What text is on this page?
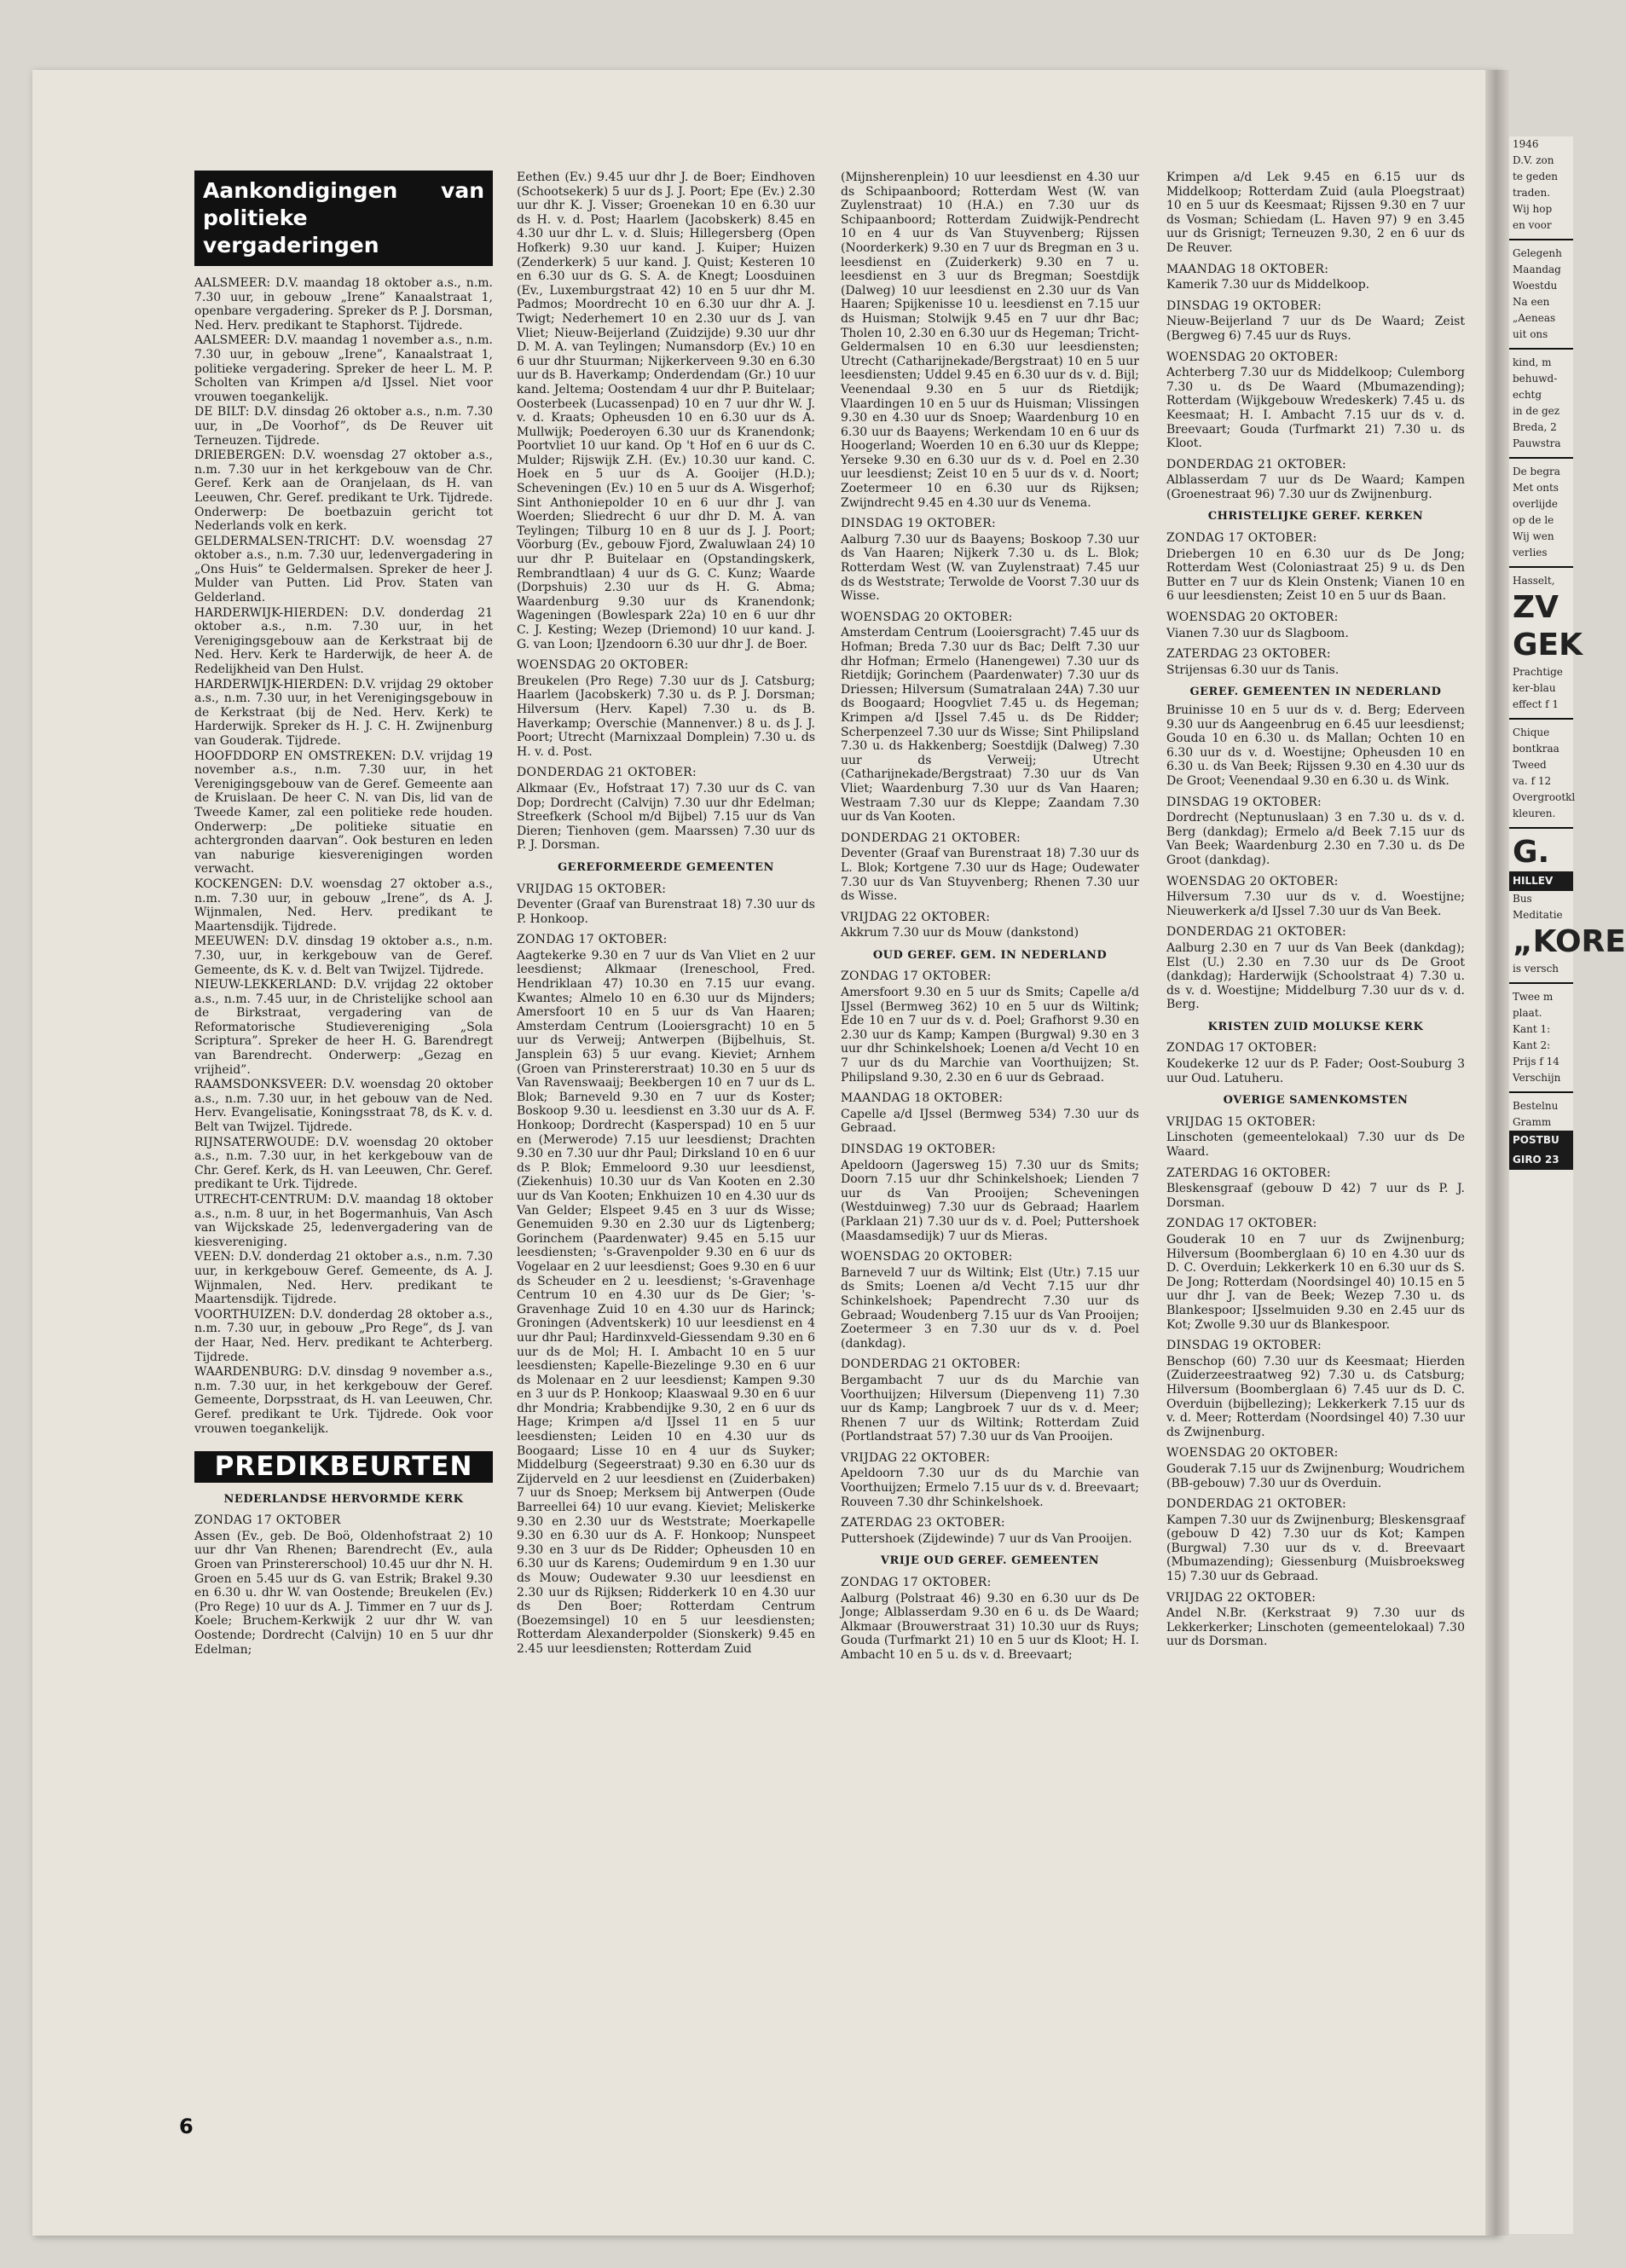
Aankondigingen van politieke vergaderingen

AALSMEER: D.V. maandag 18 oktober a.s., n.m. 7.30 uur, in gebouw „Irene” Kanaalstraat 1, openbare vergadering. Spreker ds P. J. Dorsman, Ned. Herv. predikant te Staphorst. Tijdrede.

AALSMEER: D.V. maandag 1 november a.s., n.m. 7.30 uur, in gebouw „Irene”, Kanaalstraat 1, politieke vergadering. Spreker de heer L. M. P. Scholten van Krimpen a/d IJssel. Niet voor vrouwen toegankelijk.

DE BILT: D.V. dinsdag 26 oktober a.s., n.m. 7.30 uur, in „De Voorhof”, ds De Reuver uit Terneuzen. Tijdrede.

DRIEBERGEN: D.V. woensdag 27 oktober a.s., n.m. 7.30 uur in het kerkgebouw van de Chr. Geref. Kerk aan de Oranjelaan, ds H. van Leeuwen, Chr. Geref. predikant te Urk. Tijdrede. Onderwerp: De boetbazuin gericht tot Nederlands volk en kerk.

GELDERMALSEN-TRICHT: D.V. woensdag 27 oktober a.s., n.m. 7.30 uur, ledenvergadering in „Ons Huis” te Geldermalsen. Spreker de heer J. Mulder van Putten. Lid Prov. Staten van Gelderland.

HARDERWIJK-HIERDEN: D.V. donderdag 21 oktober a.s., n.m. 7.30 uur, in het Verenigingsgebouw aan de Kerkstraat bij de Ned. Herv. Kerk te Harderwijk, de heer A. de Redelijkheid van Den Hulst.

HARDERWIJK-HIERDEN: D.V. vrijdag 29 oktober a.s., n.m. 7.30 uur, in het Verenigingsgebouw in de Kerkstraat (bij de Ned. Herv. Kerk) te Harderwijk. Spreker ds H. J. C. H. Zwijnenburg van Gouderak. Tijdrede.

HOOFDDORP EN OMSTREKEN: D.V. vrijdag 19 november a.s., n.m. 7.30 uur, in het Verenigingsgebouw van de Geref. Gemeente aan de Kruislaan. De heer C. N. van Dis, lid van de Tweede Kamer, zal een politieke rede houden. Onderwerp: „De politieke situatie en achtergronden daarvan”. Ook besturen en leden van naburige kiesverenigingen worden verwacht.

KOCKENGEN: D.V. woensdag 27 oktober a.s., n.m. 7.30 uur, in gebouw „Irene”, ds A. J. Wijnmalen, Ned. Herv. predikant te Maartensdijk. Tijdrede.

MEEUWEN: D.V. dinsdag 19 oktober a.s., n.m. 7.30, uur, in kerkgebouw van de Geref. Gemeente, ds K. v. d. Belt van Twijzel. Tijdrede.

NIEUW-LEKKERLAND: D.V. vrijdag 22 oktober a.s., n.m. 7.45 uur, in de Christelijke school aan de Birkstraat, vergadering van de Reformatorische Studievereniging „Sola Scriptura”. Spreker de heer H. G. Barendregt van Barendrecht. Onderwerp: „Gezag en vrijheid”.

RAAMSDONKSVEER: D.V. woensdag 20 oktober a.s., n.m. 7.30 uur, in het gebouw van de Ned. Herv. Evangelisatie, Koningsstraat 78, ds K. v. d. Belt van Twijzel. Tijdrede.

RIJNSATERWOUDE: D.V. woensdag 20 oktober a.s., n.m. 7.30 uur, in het kerkgebouw van de Chr. Geref. Kerk, ds H. van Leeuwen, Chr. Geref. predikant te Urk. Tijdrede.

UTRECHT-CENTRUM: D.V. maandag 18 oktober a.s., n.m. 8 uur, in het Bogermanhuis, Van Asch van Wijckskade 25, ledenvergadering van de kiesvereniging.

VEEN: D.V. donderdag 21 oktober a.s., n.m. 7.30 uur, in kerkgebouw Geref. Gemeente, ds A. J. Wijnmalen, Ned. Herv. predikant te Maartensdijk. Tijdrede.

VOORTHUIZEN: D.V. donderdag 28 oktober a.s., n.m. 7.30 uur, in gebouw „Pro Rege”, ds J. van der Haar, Ned. Herv. predikant te Achterberg. Tijdrede.

WAARDENBURG: D.V. dinsdag 9 november a.s., n.m. 7.30 uur, in het kerkgebouw der Geref. Gemeente, Dorpsstraat, ds H. van Leeuwen, Chr. Geref. predikant te Urk. Tijdrede. Ook voor vrouwen toegankelijk.

PREDIKBEURTEN
NEDERLANDSE HERVORMDE KERK
ZONDAG 17 OKTOBER

Assen (Ev., geb. De Boö, Oldenhofstraat 2) 10 uur dhr Van Rhenen; Barendrecht (Ev., aula Groen van Prinstererschool) 10.45 uur dhr N. H. Groen en 5.45 uur ds G. van Estrik; Brakel 9.30 en 6.30 u. dhr W. van Oostende; Breukelen (Ev.) (Pro Rege) 10 uur ds A. J. Timmer en 7 uur ds J. Koele; Bruchem-Kerkwijk 2 uur dhr W. van Oostende; Dordrecht (Calvijn) 10 en 5 uur dhr Edelman;

Eethen (Ev.) 9.45 uur dhr J. de Boer; Eindhoven (Schootsekerk) 5 uur ds J. J. Poort; Epe (Ev.) 2.30 uur dhr K. J. Visser; Groenekan 10 en 6.30 uur ds H. v. d. Post; Haarlem (Jacobskerk) 8.45 en 4.30 uur dhr L. v. d. Sluis; Hillegersberg (Open Hofkerk) 9.30 uur kand. J. Kuiper; Huizen (Zenderkerk) 5 uur kand. J. Quist; Kesteren 10 en 6.30 uur ds G. S. A. de Knegt; Loosduinen (Ev., Luxemburgstraat 42) 10 en 5 uur dhr M. Padmos; Moordrecht 10 en 6.30 uur dhr A. J. Twigt; Nederhemert 10 en 2.30 uur ds J. van Vliet; Nieuw-Beijerland (Zuidzijde) 9.30 uur dhr D. M. A. van Teylingen; Numansdorp (Ev.) 10 en 6 uur dhr Stuurman; Nijkerkerveen 9.30 en 6.30 uur ds B. Haverkamp; Onderdendam (Gr.) 10 uur kand. Jeltema; Oostendam 4 uur dhr P. Buitelaar; Oosterbeek (Lucassenpad) 10 en 7 uur dhr W. J. v. d. Kraats; Opheusden 10 en 6.30 uur ds A. Mullwijk; Poederoyen 6.30 uur ds Kranendonk; Poortvliet 10 uur kand. Op 't Hof en 6 uur ds C. Mulder; Rijswijk Z.H. (Ev.) 10.30 uur kand. C. Hoek en 5 uur ds A. Gooijer (H.D.); Scheveningen (Ev.) 10 en 5 uur ds A. Wisgerhof; Sint Anthoniepolder 10 en 6 uur dhr J. van Woerden; Sliedrecht 6 uur dhr D. M. A. van Teylingen; Tilburg 10 en 8 uur ds J. J. Poort; Vöorburg (Ev., gebouw Fjord, Zwaluwlaan 24) 10 uur dhr P. Buitelaar en (Opstandingskerk, Rembrandtlaan) 4 uur ds G. C. Kunz; Waarde (Dorpshuis) 2.30 uur ds H. G. Abma; Waardenburg 9.30 uur ds Kranendonk; Wageningen (Bowlespark 22a) 10 en 6 uur dhr C. J. Kesting; Wezep (Driemond) 10 uur kand. J. G. van Loon; IJzendoorn 6.30 uur dhr J. de Boer.

WOENSDAG 20 OKTOBER:

Breukelen (Pro Rege) 7.30 uur ds J. Catsburg; Haarlem (Jacobskerk) 7.30 u. ds P. J. Dorsman; Hilversum (Herv. Kapel) 7.30 u. ds B. Haverkamp; Overschie (Mannenver.) 8 u. ds J. J. Poort; Utrecht (Marnixzaal Domplein) 7.30 u. ds H. v. d. Post.

DONDERDAG 21 OKTOBER:

Alkmaar (Ev., Hofstraat 17) 7.30 uur ds C. van Dop; Dordrecht (Calvijn) 7.30 uur dhr Edelman; Streefkerk (School m/d Bijbel) 7.15 uur ds Van Dieren; Tienhoven (gem. Maarssen) 7.30 uur ds P. J. Dorsman.

GEREFORMEERDE GEMEENTEN
VRIJDAG 15 OKTOBER:

Deventer (Graaf van Burenstraat 18) 7.30 uur ds P. Honkoop.

ZONDAG 17 OKTOBER:

Aagtekerke 9.30 en 7 uur ds Van Vliet en 2 uur leesdienst; Alkmaar (Ireneschool, Fred. Hendriklaan 47) 10.30 en 7.15 uur evang. Kwantes; Almelo 10 en 6.30 uur ds Mijnders; Amersfoort 10 en 5 uur ds Van Haaren; Amsterdam Centrum (Looiersgracht) 10 en 5 uur ds Verweij; Antwerpen (Bijbelhuis, St. Jansplein 63) 5 uur evang. Kieviet; Arnhem (Groen van Prinstererstraat) 10.30 en 5 uur ds Van Ravenswaaij; Beekbergen 10 en 7 uur ds L. Blok; Barneveld 9.30 en 7 uur ds Koster; Boskoop 9.30 u. leesdienst en 3.30 uur ds A. F. Honkoop; Dordrecht (Kasperspad) 10 en 5 uur en (Merwerode) 7.15 uur leesdienst; Drachten 9.30 en 7.30 uur dhr Paul; Dirksland 10 en 6 uur ds P. Blok; Emmeloord 9.30 uur leesdienst, (Ziekenhuis) 10.30 uur ds Van Kooten en 2.30 uur ds Van Kooten; Enkhuizen 10 en 4.30 uur ds Van Gelder; Elspeet 9.45 en 3 uur ds Wisse; Genemuiden 9.30 en 2.30 uur ds Ligtenberg; Gorinchem (Paardenwater) 9.45 en 5.15 uur leesdiensten; 's-Gravenpolder 9.30 en 6 uur ds Vogelaar en 2 uur leesdienst; Goes 9.30 en 6 uur ds Scheuder en 2 u. leesdienst; 's-Gravenhage Centrum 10 en 4.30 uur ds De Gier; 's-Gravenhage Zuid 10 en 4.30 uur ds Harinck; Groningen (Adventskerk) 10 uur leesdienst en 4 uur dhr Paul; Hardinxveld-Giessendam 9.30 en 6 uur ds de Mol; H. I. Ambacht 10 en 5 uur leesdiensten; Kapelle-Biezelinge 9.30 en 6 uur ds Molenaar en 2 uur leesdienst; Kampen 9.30 en 3 uur ds P. Honkoop; Klaaswaal 9.30 en 6 uur dhr Mondria; Krabbendijke 9.30, 2 en 6 uur ds Hage; Krimpen a/d IJssel 11 en 5 uur leesdiensten; Leiden 10 en 4.30 uur ds Boogaard; Lisse 10 en 4 uur ds Suyker; Middelburg (Segeerstraat) 9.30 en 6.30 uur ds Zijderveld en 2 uur leesdienst en (Zuiderbaken) 7 uur ds Snoep; Merksem bij Antwerpen (Oude Barreellei 64) 10 uur evang. Kieviet; Meliskerke 9.30 en 2.30 uur ds Weststrate; Moerkapelle 9.30 en 6.30 uur ds A. F. Honkoop; Nunspeet 9.30 en 3 uur ds De Ridder; Opheusden 10 en 6.30 uur ds Karens; Oudemirdum 9 en 1.30 uur ds Mouw; Oudewater 9.30 uur leesdienst en 2.30 uur ds Rijksen; Ridderkerk 10 en 4.30 uur ds Den Boer; Rotterdam Centrum (Boezemsingel) 10 en 5 uur leesdiensten; Rotterdam Alexanderpolder (Sionskerk) 9.45 en 2.45 uur leesdiensten; Rotterdam Zuid

(Mijnsherenplein) 10 uur leesdienst en 4.30 uur ds Schipaanboord; Rotterdam West (W. van Zuylenstraat) 10 (H.A.) en 7.30 uur ds Schipaanboord; Rotterdam Zuidwijk-Pendrecht 10 en 4 uur ds Van Stuyvenberg; Rijssen (Noorderkerk) 9.30 en 7 uur ds Bregman en 3 u. leesdienst en (Zuiderkerk) 9.30 en 7 u. leesdienst en 3 uur ds Bregman; Soestdijk (Dalweg) 10 uur leesdienst en 2.30 uur ds Van Haaren; Spijkenisse 10 u. leesdienst en 7.15 uur ds Huisman; Stolwijk 9.45 en 7 uur dhr Bac; Tholen 10, 2.30 en 6.30 uur ds Hegeman; Tricht-Geldermalsen 10 en 6.30 uur leesdiensten; Utrecht (Catharijnekade/Bergstraat) 10 en 5 uur leesdiensten; Uddel 9.45 en 6.30 uur ds v. d. Bijl; Veenendaal 9.30 en 5 uur ds Rietdijk; Vlaardingen 10 en 5 uur ds Huisman; Vlissingen 9.30 en 4.30 uur ds Snoep; Waardenburg 10 en 6.30 uur ds Baayens; Werkendam 10 en 6 uur ds Hoogerland; Woerden 10 en 6.30 uur ds Kleppe; Yerseke 9.30 en 6.30 uur ds v. d. Poel en 2.30 uur leesdienst; Zeist 10 en 5 uur ds v. d. Noort; Zoetermeer 10 en 6.30 uur ds Rijksen; Zwijndrecht 9.45 en 4.30 uur ds Venema.

DINSDAG 19 OKTOBER:

Aalburg 7.30 uur ds Baayens; Boskoop 7.30 uur ds Van Haaren; Nijkerk 7.30 u. ds L. Blok; Rotterdam West (W. van Zuylenstraat) 7.45 uur ds ds Weststrate; Terwolde de Voorst 7.30 uur ds Wisse.

WOENSDAG 20 OKTOBER:

Amsterdam Centrum (Looiersgracht) 7.45 uur ds Hofman; Breda 7.30 uur ds Bac; Delft 7.30 uur dhr Hofman; Ermelo (Hanengeweı) 7.30 uur ds Rietdijk; Gorinchem (Paardenwater) 7.30 uur ds Driessen; Hilversum (Sumatralaan 24A) 7.30 uur ds Boogaard; Hoogvliet 7.45 u. ds Hegeman; Krimpen a/d IJssel 7.45 u. ds De Ridder; Scherpenzeel 7.30 uur ds Wisse; Sint Philipsland 7.30 u. ds Hakkenberg; Soestdijk (Dalweg) 7.30 uur ds Verweij; Utrecht (Catharijnekade/Bergstraat) 7.30 uur ds Van Vliet; Waardenburg 7.30 uur ds Van Haaren; Westraam 7.30 uur ds Kleppe; Zaandam 7.30 uur ds Van Kooten.

DONDERDAG 21 OKTOBER:

Deventer (Graaf van Burenstraat 18) 7.30 uur ds L. Blok; Kortgene 7.30 uur ds Hage; Oudewater 7.30 uur ds Van Stuyvenberg; Rhenen 7.30 uur ds Wisse.

VRIJDAG 22 OKTOBER:

Akkrum 7.30 uur ds Mouw (dankstond)

OUD GEREF. GEM. IN NEDERLAND
ZONDAG 17 OKTOBER:

Amersfoort 9.30 en 5 uur ds Smits; Capelle a/d IJssel (Bermweg 362) 10 en 5 uur ds Wiltink; Ede 10 en 7 uur ds v. d. Poel; Grafhorst 9.30 en 2.30 uur ds Kamp; Kampen (Burgwal) 9.30 en 3 uur dhr Schinkelshoek; Loenen a/d Vecht 10 en 7 uur ds du Marchie van Voorthuijzen; St. Philipsland 9.30, 2.30 en 6 uur ds Gebraad.

MAANDAG 18 OKTOBER:

Capelle a/d IJssel (Bermweg 534) 7.30 uur ds Gebraad.

DINSDAG 19 OKTOBER:

Apeldoorn (Jagersweg 15) 7.30 uur ds Smits; Doorn 7.15 uur dhr Schinkelshoek; Lienden 7 uur ds Van Prooijen; Scheveningen (Westduinweg) 7.30 uur ds Gebraad; Haarlem (Parklaan 21) 7.30 uur ds v. d. Poel; Puttershoek (Maasdamsedijk) 7 uur ds Mieras.

WOENSDAG 20 OKTOBER:

Barneveld 7 uur ds Wiltink; Elst (Utr.) 7.15 uur ds Smits; Loenen a/d Vecht 7.15 uur dhr Schinkelshoek; Papendrecht 7.30 uur ds Gebraad; Woudenberg 7.15 uur ds Van Prooijen; Zoetermeer 3 en 7.30 uur ds v. d. Poel (dankdag).

DONDERDAG 21 OKTOBER:

Bergambacht 7 uur ds du Marchie van Voorthuijzen; Hilversum (Diepenveng 11) 7.30 uur ds Kamp; Langbroek 7 uur ds v. d. Meer; Rhenen 7 uur ds Wiltink; Rotterdam Zuid (Portlandstraat 57) 7.30 uur ds Van Prooijen.

VRIJDAG 22 OKTOBER:

Apeldoorn 7.30 uur ds du Marchie van Voorthuijzen; Ermelo 7.15 uur ds v. d. Breevaart; Rouveen 7.30 dhr Schinkelshoek.

ZATERDAG 23 OKTOBER:

Puttershoek (Zijdewinde) 7 uur ds Van Prooijen.

VRIJE OUD GEREF. GEMEENTEN
ZONDAG 17 OKTOBER:

Aalburg (Polstraat 46) 9.30 en 6.30 uur ds De Jonge; Alblasserdam 9.30 en 6 u. ds De Waard; Alkmaar (Brouwerstraat 31) 10.30 uur ds Ruys; Gouda (Turfmarkt 21) 10 en 5 uur ds Kloot; H. I. Ambacht 10 en 5 u. ds v. d. Breevaart;

Krimpen a/d Lek 9.45 en 6.15 uur ds Middelkoop; Rotterdam Zuid (aula Ploegstraat) 10 en 5 uur ds Keesmaat; Rijssen 9.30 en 7 uur ds Vosman; Schiedam (L. Haven 97) 9 en 3.45 uur ds Grisnigt; Terneuzen 9.30, 2 en 6 uur ds De Reuver.

MAANDAG 18 OKTOBER:

Kamerik 7.30 uur ds Middelkoop.

DINSDAG 19 OKTOBER:

Nieuw-Beijerland 7 uur ds De Waard; Zeist (Bergweg 6) 7.45 uur ds Ruys.

WOENSDAG 20 OKTOBER:

Achterberg 7.30 uur ds Middelkoop; Culemborg 7.30 u. ds De Waard (Mbumazending); Rotterdam (Wijkgebouw Wredeskerk) 7.45 u. ds Keesmaat; H. I. Ambacht 7.15 uur ds v. d. Breevaart; Gouda (Turfmarkt 21) 7.30 u. ds Kloot.

DONDERDAG 21 OKTOBER:

Alblasserdam 7 uur ds De Waard; Kampen (Groenestraat 96) 7.30 uur ds Zwijnenburg.

CHRISTELIJKE GEREF. KERKEN
ZONDAG 17 OKTOBER:

Driebergen 10 en 6.30 uur ds De Jong; Rotterdam West (Coloniastraat 25) 9 u. ds Den Butter en 7 uur ds Klein Onstenk; Vianen 10 en 6 uur leesdiensten; Zeist 10 en 5 uur ds Baan.

WOENSDAG 20 OKTOBER:

Vianen 7.30 uur ds Slagboom.

ZATERDAG 23 OKTOBER:

Strijensas 6.30 uur ds Tanis.

GEREF. GEMEENTEN IN NEDERLAND

Bruinisse 10 en 5 uur ds v. d. Berg; Ederveen 9.30 uur ds Aangeenbrug en 6.45 uur leesdienst; Gouda 10 en 6.30 u. ds Mallan; Ochten 10 en 6.30 uur ds v. d. Woestijne; Opheusden 10 en 6.30 u. ds Van Beek; Rijssen 9.30 en 4.30 uur ds De Groot; Veenendaal 9.30 en 6.30 u. ds Wink.

DINSDAG 19 OKTOBER:

Dordrecht (Neptunuslaan) 3 en 7.30 u. ds v. d. Berg (dankdag); Ermelo a/d Beek 7.15 uur ds Van Beek; Waardenburg 2.30 en 7.30 u. ds De Groot (dankdag).

WOENSDAG 20 OKTOBER:

Hilversum 7.30 uur ds v. d. Woestijne; Nieuwerkerk a/d IJssel 7.30 uur ds Van Beek.

DONDERDAG 21 OKTOBER:

Aalburg 2.30 en 7 uur ds Van Beek (dankdag); Elst (U.) 2.30 en 7.30 uur ds De Groot (dankdag); Harderwijk (Schoolstraat 4) 7.30 u. ds v. d. Woestijne; Middelburg 7.30 uur ds v. d. Berg.

KRISTEN ZUID MOLUKSE KERK
ZONDAG 17 OKTOBER:

Koudekerke 12 uur ds P. Fader; Oost-Souburg 3 uur Oud. Latuheru.

OVERIGE SAMENKOMSTEN
VRIJDAG 15 OKTOBER:

Linschoten (gemeentelokaal) 7.30 uur ds De Waard.

ZATERDAG 16 OKTOBER:

Bleskensgraaf (gebouw D 42) 7 uur ds P. J. Dorsman.

ZONDAG 17 OKTOBER:

Gouderak 10 en 7 uur ds Zwijnenburg; Hilversum (Boomberglaan 6) 10 en 4.30 uur ds D. C. Overduin; Lekkerkerk 10 en 6.30 uur ds S. De Jong; Rotterdam (Noordsingel 40) 10.15 en 5 uur dhr J. van de Beek; Wezep 7.30 u. ds Blankespoor; IJsselmuiden 9.30 en 2.45 uur ds Kot; Zwolle 9.30 uur ds Blankespoor.

DINSDAG 19 OKTOBER:

Benschop (60) 7.30 uur ds Keesmaat; Hierden (Zuiderzeestraatweg 92) 7.30 u. ds Catsburg; Hilversum (Boomberglaan 6) 7.45 uur ds D. C. Overduin (bijbellezing); Lekkerkerk 7.15 uur ds v. d. Meer; Rotterdam (Noordsingel 40) 7.30 uur ds Zwijnenburg.

WOENSDAG 20 OKTOBER:

Gouderak 7.15 uur ds Zwijnenburg; Woudrichem (BB-gebouw) 7.30 uur ds Overduin.

DONDERDAG 21 OKTOBER:

Kampen 7.30 uur ds Zwijnenburg; Bleskensgraaf (gebouw D 42) 7.30 uur ds Kot; Kampen (Burgwal) 7.30 uur ds v. d. Breevaart (Mbumazending); Giessenburg (Muisbroeksweg 15) 7.30 uur ds Gebraad.

VRIJDAG 22 OKTOBER:

Andel N.Br. (Kerkstraat 9) 7.30 uur ds Lekkerkerker; Linschoten (gemeentelokaal) 7.30 uur ds Dorsman.

6
1946
D.V. zon
te geden
traden.
Wij hop
en voor
Gelegenh
Maandag
Woestdu
Na een
„Aeneas
uit ons
kind, m
behuwd-
echtg
in de gez
Breda, 2
Pauwstra
De begra
Met onts
overlijde
op de le
Wij wen
verlies
Hasselt,
ZV
GEK
Prachtige
ker-blau
effect f 1
Chique
bontkraa
Tweed
va. f 12
Overgrootkl
kleuren.
G.
HILLEV
Bus
Meditatie
„KORE
is versch
Twee m
plaat.
Kant 1:
Kant 2:
Prijs f 14
Verschijn
Bestelnu
Gramm
POSTBU
GIRO 23
